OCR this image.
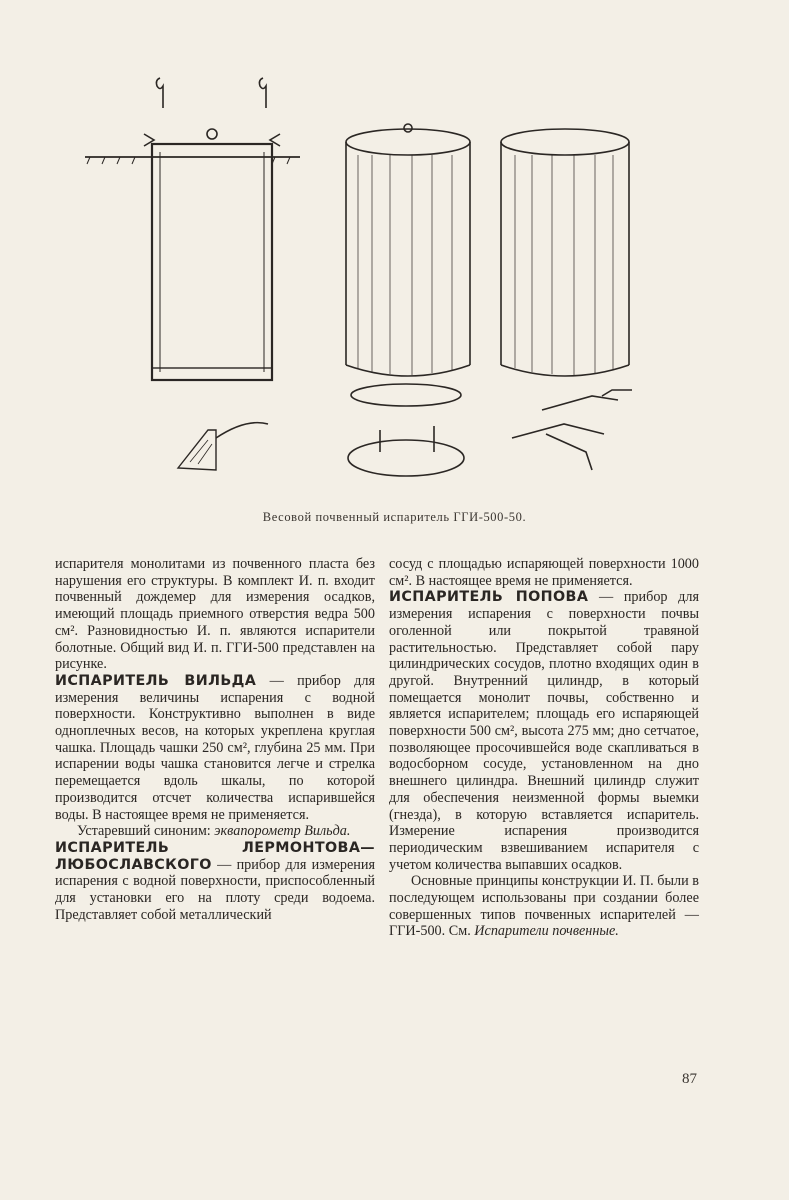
Весовой почвенный испаритель ГГИ-500-50.

испарителя монолитами из почвенного пласта без нарушения его структуры. В комплект И. п. входит почвенный дождемер для измерения осадков, имеющий площадь приемного отверстия ведра 500 см². Разновидностью И. п. являются испарители болотные. Общий вид И. п. ГГИ-500 представлен на рисунке.

ИСПАРИТЕЛЬ ВИЛЬДА — прибор для измерения величины испарения с водной поверхности. Конструктивно выполнен в виде одноплечных весов, на которых укреплена круглая чашка. Площадь чашки 250 см², глубина 25 мм. При испарении воды чашка становится легче и стрелка перемещается вдоль шкалы, по которой производится отсчет количества испарившейся воды. В настоящее время не применяется.

Устаревший синоним: эквапорометр Вильда.

ИСПАРИТЕЛЬ ЛЕРМОНТОВА— ЛЮБОСЛАВСКОГО — прибор для измерения испарения с водной поверхности, приспособленный для установки его на плоту среди водоема. Представляет собой металлический

сосуд с площадью испаряющей поверхности 1000 см². В настоящее время не применяется.

ИСПАРИТЕЛЬ ПОПОВА — прибор для измерения испарения с поверхности почвы оголенной или покрытой травяной растительностью. Представляет собой пару цилиндрических сосудов, плотно входящих один в другой. Внутренний цилиндр, в который помещается монолит почвы, собственно и является испарителем; площадь его испаряющей поверхности 500 см², высота 275 мм; дно сетчатое, позволяющее просочившейся воде скапливаться в водосборном сосуде, установленном на дно внешнего цилиндра. Внешний цилиндр служит для обеспечения неизменной формы выемки (гнезда), в которую вставляется испаритель. Измерение испарения производится периодическим взвешиванием испарителя с учетом количества выпавших осадков.

Основные принципы конструкции И. П. были в последующем использованы при создании более совершенных типов почвенных испарителей — ГГИ-500. См. Испарители почвенные.

87
